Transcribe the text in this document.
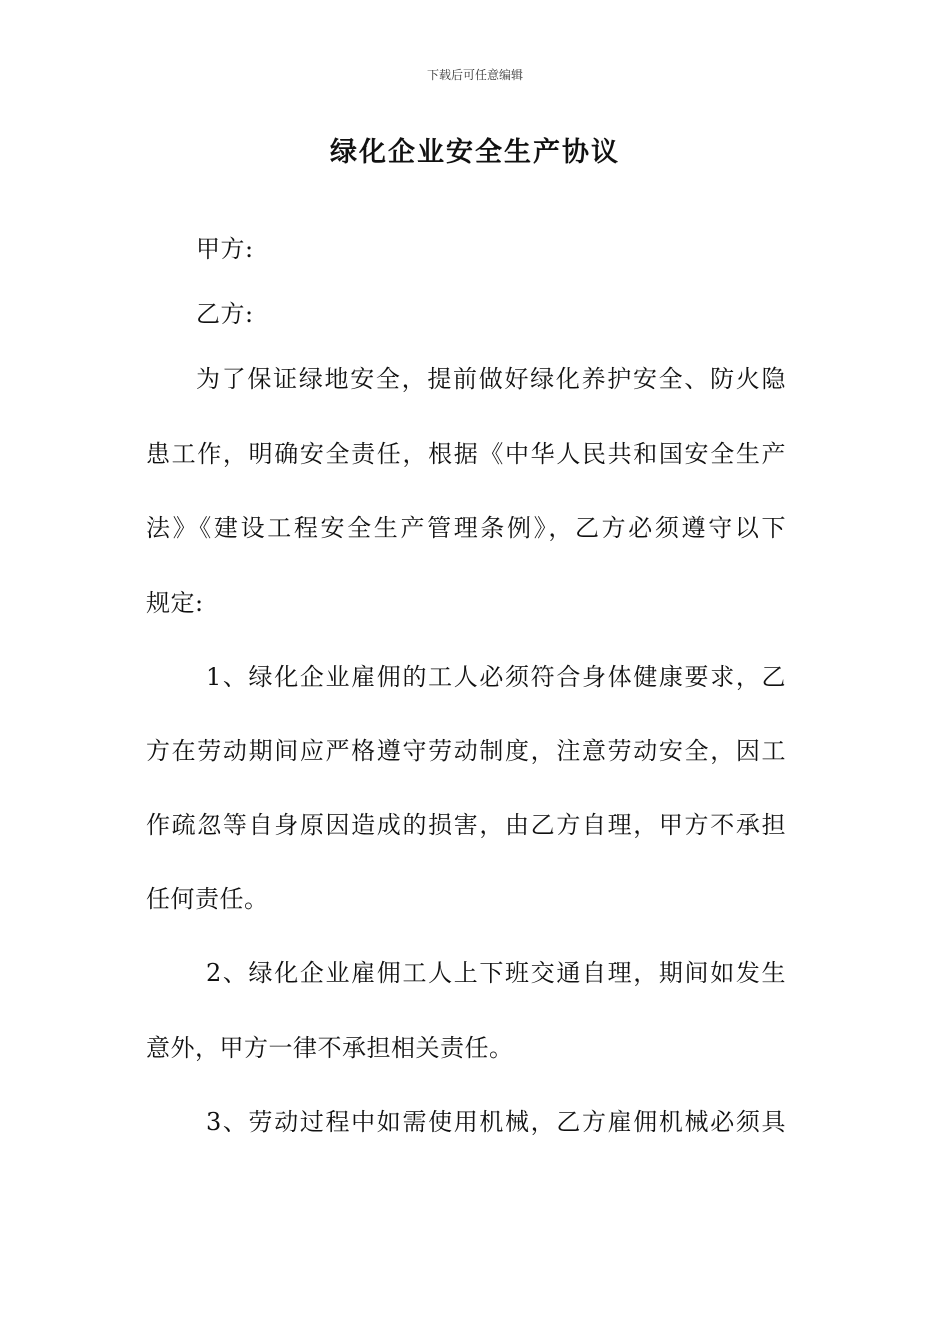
下载后可任意编辑
绿化企业安全生产协议
甲方:
乙方:
为了保证绿地安全，提前做好绿化养护安全、防火隐
患工作，明确安全责任，根据《中华人民共和国安全生产
法》《建设工程安全生产管理条例》，乙方必须遵守以下
规定:
1、绿化企业雇佣的工人必须符合身体健康要求，乙
方在劳动期间应严格遵守劳动制度，注意劳动安全，因工
作疏忽等自身原因造成的损害，由乙方自理，甲方不承担
任何责任。
2、绿化企业雇佣工人上下班交通自理，期间如发生
意外，甲方一律不承担相关责任。
3、劳动过程中如需使用机械，乙方雇佣机械必须具
